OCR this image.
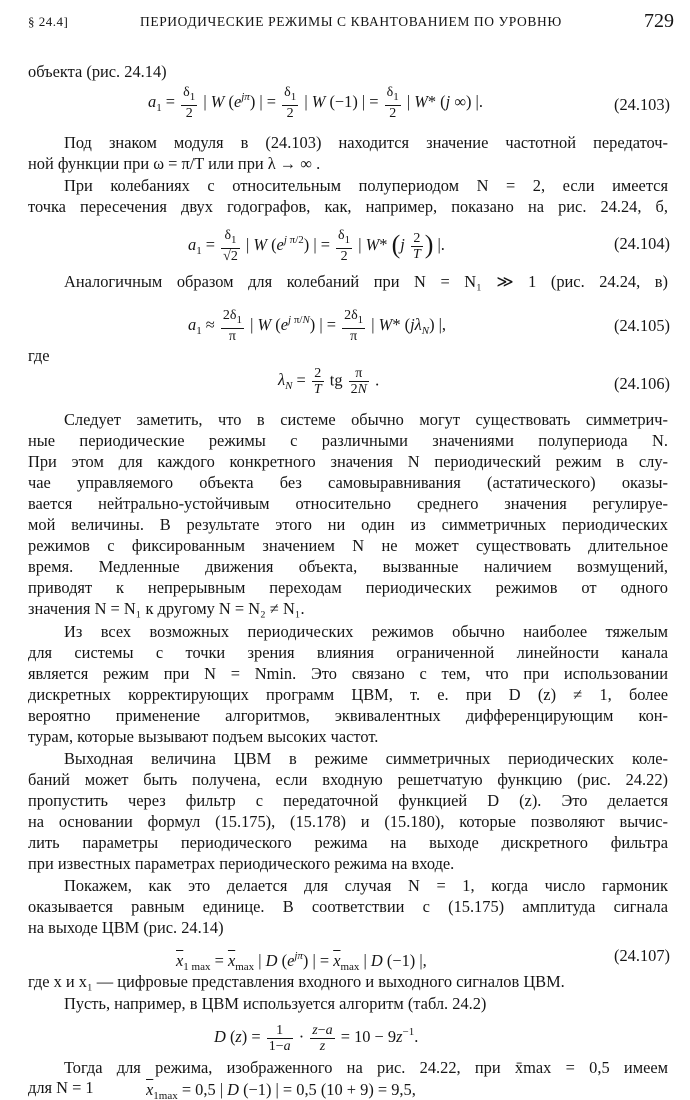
§ 24.4]	ПЕРИОДИЧЕСКИЕ РЕЖИМЫ С КВАНТОВАНИЕМ ПО УРОВНЮ	729
объекта (рис. 24.14)
$a_1 = \frac{\delta_1}{2}$ | W $(e^{j\pi})$ | = $\frac{\delta_1}{2}$ | W (−1) | = $\frac{\delta_1}{2}$ | W* (j ∞) |.	(24.103)
Под знаком модуля в (24.103) находится значение частотной передаточ-
ной функции при ω = π/T или при λ → ∞ .
При колебаниях с относительным полупериодом N = 2, если имеется
точка пересечения двух годографов, как, например, показано на рис. 24.24, б,
$a_1 = \frac{\delta_1}{√2}$ | W $(e^{j \pi/2})$ | = $\frac{\delta_1}{2}$ | W* ($j \frac{2}{T}$ ) |.	(24.104)
Аналогичным образом для колебаний при N = N₁ ≫ 1 (рис. 24.24, в)
$a_1 \approx \frac{2\delta_1}{\pi}$ | W $(e^{j \pi/N})$ | = $\frac{2\delta_1}{\pi}$ | W* $(j\lambda_N)$ |,	(24.105)
где
$\lambda_N = \frac{2}{T}$ tg $\frac{\pi}{2N}$ .	(24.106)
Следует заметить, что в системе обычно могут существовать симметрич-
ные периодические режимы с различными значениями полупериода N.
При этом для каждого конкретного значения N периодический режим в слу-
чае управляемого объекта без самовыравнивания (астатического) оказы-
вается нейтрально-устойчивым относительно среднего значения регулируе-
мой величины. В результате этого ни один из симметричных периодических
режимов с фиксированным значением N не может существовать длительное
время. Медленные движения объекта, вызванные наличием возмущений,
приводят к непрерывным переходам периодических режимов от одного
значения N = N₁ к другому N = N₂ ≠ N₁.
Из всех возможных периодических режимов обычно наиболее тяжелым
для системы с точки зрения влияния ограниченной линейности канала
является режим при N = Nmin. Это связано с тем, что при использовании
дискретных корректирующих программ ЦВМ, т. е. при D (z) ≠ 1, более
вероятно применение алгоритмов, эквивалентных дифференцирующим кон-
турам, которые вызывают подъем высоких частот.
Выходная величина ЦВМ в режиме симметричных периодических коле-
баний может быть получена, если входную решетчатую функцию (рис. 24.22)
пропустить через фильтр с передаточной функцией D (z). Это делается
на основании формул (15.175), (15.178) и (15.180), которые позволяют вычис-
лить параметры периодического режима на выходе дискретного фильтра
при известных параметрах периодического режима на входе.
Покажем, как это делается для случая N = 1, когда число гармоник
оказывается равным единице. В соответствии с (15.175) амплитуда сигнала
на выходе ЦВМ (рис. 24.14)
$\overline{x}_{1 max} = \overline{x}_{max}$ | D $(e^{j\pi})$ | = $\overline{x}_{max}$ | D (−1) |,	(24.107)
где x и x₁ — цифровые представления входного и выходного сигналов ЦВМ.
Пусть, например, в ЦВМ используется алгоритм (табл. 24.2)
D $(z) = \frac{1}{1-a} \cdot \frac{z-a}{z} = 10 - 9z^{-1}$.
Тогда для режима, изображенного на рис. 24.22, при x̄max = 0,5 имеем
для N = 1	$\overline{x}_{1max} = 0,5$ | D (−1) | = 0,5 (10 + 9) = 9,5,
